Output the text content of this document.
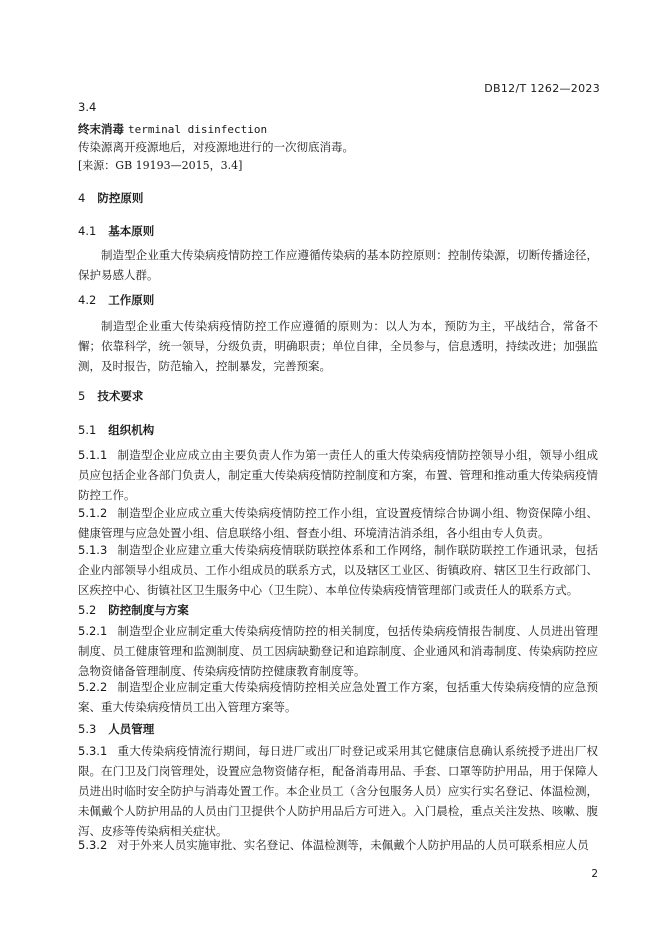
DB12/T 1262—2023
3.4
终末消毒 terminal disinfection
传染源离开疫源地后，对疫源地进行的一次彻底消毒。
[来源：GB 19193—2015，3.4]
4 防控原则
4.1 基本原则
制造型企业重大传染病疫情防控工作应遵循传染病的基本防控原则：控制传染源，切断传播途径，保护易感人群。
4.2 工作原则
制造型企业重大传染病疫情防控工作应遵循的原则为：以人为本，预防为主，平战结合，常备不懈；依靠科学，统一领导，分级负责，明确职责；单位自律，全员参与，信息透明，持续改进；加强监测，及时报告，防范输入，控制暴发，完善预案。
5 技术要求
5.1 组织机构
5.1.1 制造型企业应成立由主要负责人作为第一责任人的重大传染病疫情防控领导小组，领导小组成员应包括企业各部门负责人，制定重大传染病疫情防控制度和方案，布置、管理和推动重大传染病疫情防控工作。
5.1.2 制造型企业应成立重大传染病疫情防控工作小组，宜设置疫情综合协调小组、物资保障小组、健康管理与应急处置小组、信息联络小组、督查小组、环境清洁消杀组，各小组由专人负责。
5.1.3 制造型企业应建立重大传染病疫情联防联控体系和工作网络，制作联防联控工作通讯录，包括企业内部领导小组成员、工作小组成员的联系方式，以及辖区工业区、街镇政府、辖区卫生行政部门、区疾控中心、街镇社区卫生服务中心（卫生院）、本单位传染病疫情管理部门或责任人的联系方式。
5.2 防控制度与方案
5.2.1 制造型企业应制定重大传染病疫情防控的相关制度，包括传染病疫情报告制度、人员进出管理制度、员工健康管理和监测制度、员工因病缺勤登记和追踪制度、企业通风和消毒制度、传染病防控应急物资储备管理制度、传染病疫情防控健康教育制度等。
5.2.2 制造型企业应制定重大传染病疫情防控相关应急处置工作方案，包括重大传染病疫情的应急预案、重大传染病疫情员工出入管理方案等。
5.3 人员管理
5.3.1 重大传染病疫情流行期间，每日进厂或出厂时登记或采用其它健康信息确认系统授予进出厂权限。在门卫及门岗管理处，设置应急物资储存柜，配备消毒用品、手套、口罩等防护用品，用于保障人员进出时临时安全防护与消毒处置工作。本企业员工（含分包服务人员）应实行实名登记、体温检测，未佩戴个人防护用品的人员由门卫提供个人防护用品后方可进入。入门晨检，重点关注发热、咳嗽、腹泻、皮疹等传染病相关症状。
5.3.2 对于外来人员实施审批、实名登记、体温检测等，未佩戴个人防护用品的人员可联系相应人员
2
